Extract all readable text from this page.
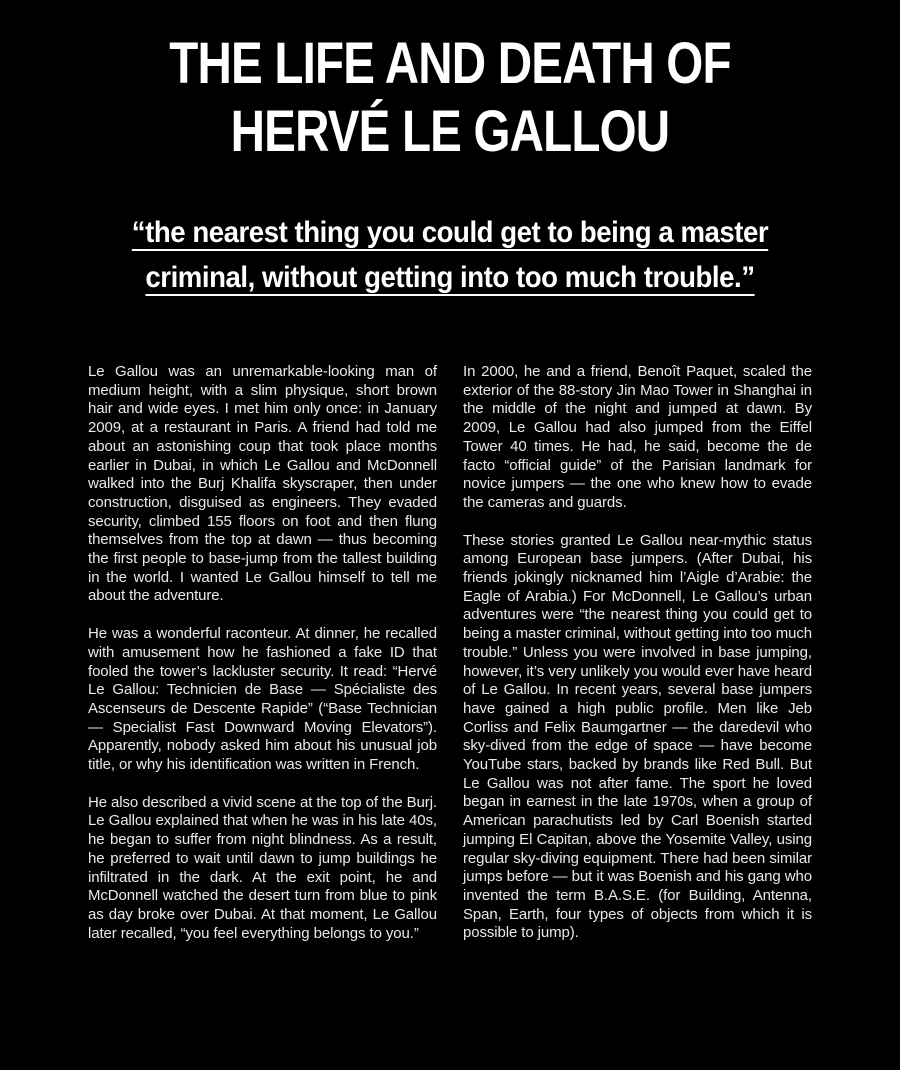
THE LIFE AND DEATH OF
HERVÉ LE GALLOU
“the nearest thing you could get to being a master
criminal, without getting into too much trouble.”

Le Gallou was an unremarkable-looking man of medium height, with a slim physique, short brown hair and wide eyes. I met him only once: in January 2009, at a restaurant in Paris. A friend had told me about an astonishing coup that took place months earlier in Dubai, in which Le Gallou and McDonnell walked into the Burj Khalifa skyscraper, then under construction, disguised as engineers. They evaded security, climbed 155 floors on foot and then flung themselves from the top at dawn — thus becoming the first people to base-jump from the tallest building in the world. I wanted Le Gallou himself to tell me about the adventure.

He was a wonderful raconteur. At dinner, he recalled with amusement how he fashioned a fake ID that fooled the tower’s lackluster security. It read: “Hervé Le Gallou: Technicien de Base — Spécialiste des Ascenseurs de Descente Rapide” (“Base Technician — Specialist Fast Downward Moving Elevators”). Apparently, nobody asked him about his unusual job title, or why his identification was written in French.

He also described a vivid scene at the top of the Burj. Le Gallou explained that when he was in his late 40s, he began to suffer from night blindness. As a result, he preferred to wait until dawn to jump buildings he infiltrated in the dark. At the exit point, he and McDonnell watched the desert turn from blue to pink as day broke over Dubai. At that moment, Le Gallou later recalled, “you feel everything belongs to you.”

In 2000, he and a friend, Benoît Paquet, scaled the exterior of the 88-story Jin Mao Tower in Shanghai in the middle of the night and jumped at dawn. By 2009, Le Gallou had also jumped from the Eiffel Tower 40 times. He had, he said, become the de facto “official guide” of the Parisian landmark for novice jumpers — the one who knew how to evade the cameras and guards.

These stories granted Le Gallou near-mythic status among European base jumpers. (After Dubai, his friends jokingly nicknamed him l’Aigle d’Arabie: the Eagle of Arabia.) For McDonnell, Le Gallou’s urban adventures were “the nearest thing you could get to being a master criminal, without getting into too much trouble.” Unless you were involved in base jumping, however, it’s very unlikely you would ever have heard of Le Gallou. In recent years, several base jumpers have gained a high public profile. Men like Jeb Corliss and Felix Baumgartner — the daredevil who sky-dived from the edge of space — have become YouTube stars, backed by brands like Red Bull. But Le Gallou was not after fame. The sport he loved began in earnest in the late 1970s, when a group of American parachutists led by Carl Boenish started jumping El Capitan, above the Yosemite Valley, using regular sky-diving equipment. There had been similar jumps before — but it was Boenish and his gang who invented the term B.A.S.E. (for Building, Antenna, Span, Earth, four types of objects from which it is possible to jump).
